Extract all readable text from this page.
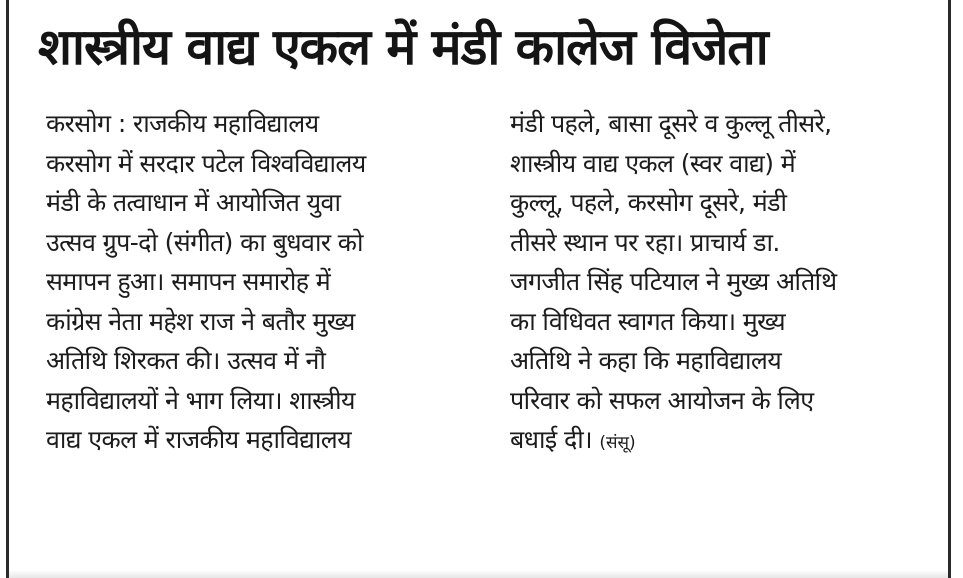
शास्त्रीय वाद्य एकल में मंडी कालेज विजेता
करसोग : राजकीय महाविद्यालय
करसोग में सरदार पटेल विश्वविद्यालय
मंडी के तत्वाधान में आयोजित युवा
उत्सव ग्रुप-दो (संगीत) का बुधवार को
समापन हुआ। समापन समारोह में
कांग्रेस नेता महेश राज ने बतौर मुख्य
अतिथि शिरकत की। उत्सव में नौ
महाविद्यालयों ने भाग लिया। शास्त्रीय
वाद्य एकल में राजकीय महाविद्यालय
मंडी पहले, बासा दूसरे व कुल्लू तीसरे,
शास्त्रीय वाद्य एकल (स्वर वाद्य) में
कुल्लू, पहले, करसोग दूसरे, मंडी
तीसरे स्थान पर रहा। प्राचार्य डा.
जगजीत सिंह पटियाल ने मुख्य अतिथि
का विधिवत स्वागत किया। मुख्य
अतिथि ने कहा कि महाविद्यालय
परिवार को सफल आयोजन के लिए
बधाई दी। (संसू)
